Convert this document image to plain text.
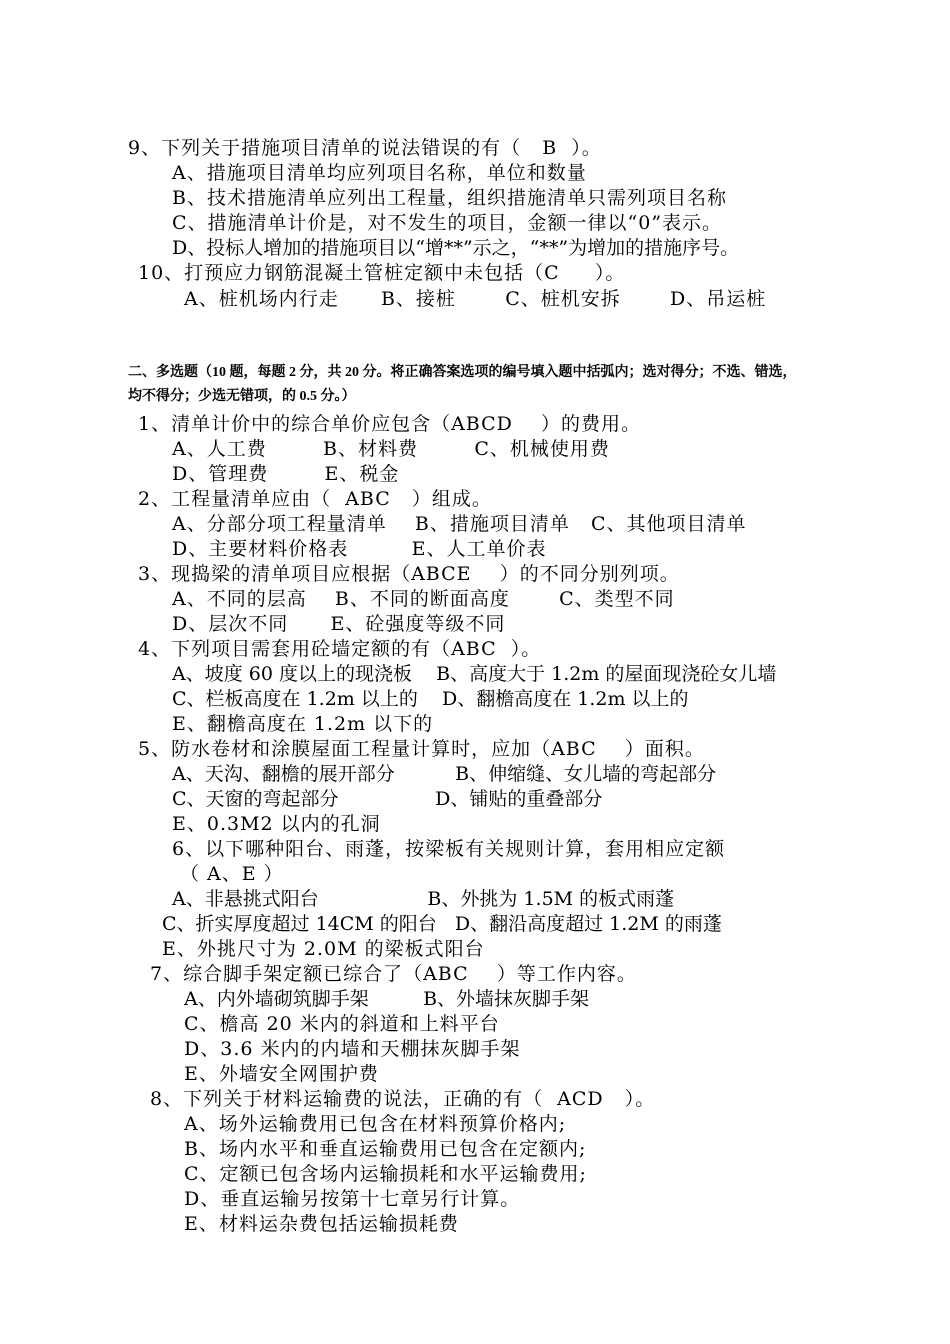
9、下列关于措施项目清单的说法错误的有（   B  ）。
A、措施项目清单均应列项目名称，单位和数量
B、技术措施清单应列出工程量，组织措施清单只需列项目名称
C、措施清单计价是，对不发生的项目，金额一律以“0”表示。
D、投标人增加的措施项目以“增**”示之，“**”为增加的措施序号。
10、打预应力钢筋混凝土管桩定额中未包括（C     ）。
A、桩机场内行走      B、接桩       C、桩机安拆       D、吊运桩
二、多选题（10 题，每题 2 分，共 20 分。将正确答案选项的编号填入题中括弧内；选对得分；不选、错选，
均不得分；少选无错项，的 0.5 分。）
1、清单计价中的综合单价应包含（ABCD    ）的费用。
A、人工费        B、材料费        C、机械使用费
D、管理费        E、税金
2、工程量清单应由（  ABC   ）组成。
A、分部分项工程量清单    B、措施项目清单   C、其他项目清单
D、主要材料价格表         E、人工单价表
3、现捣梁的清单项目应根据（ABCE    ）的不同分别列项。
A、不同的层高    B、不同的断面高度       C、类型不同
D、层次不同      E、砼强度等级不同
4、下列项目需套用砼墙定额的有（ABC  ）。
A、坡度 60 度以上的现浇板    B、高度大于 1.2m 的屋面现浇砼女儿墙
C、栏板高度在 1.2m 以上的    D、翻檐高度在 1.2m 以上的
E、翻檐高度在 1.2m 以下的
5、防水卷材和涂膜屋面工程量计算时，应加（ABC    ）面积。
A、天沟、翻檐的展开部分          B、伸缩缝、女儿墙的弯起部分
C、天窗的弯起部分                D、铺贴的重叠部分
E、0.3M2 以内的孔洞
6、以下哪种阳台、雨蓬，按梁板有关规则计算，套用相应定额
（ A、E ）
A、非悬挑式阳台                  B、外挑为 1.5M 的板式雨蓬
C、折实厚度超过 14CM 的阳台   D、翻沿高度超过 1.2M 的雨蓬
E、外挑尺寸为 2.0M 的梁板式阳台
7、综合脚手架定额已综合了（ABC    ）等工作内容。
A、内外墙砌筑脚手架         B、外墙抹灰脚手架
C、檐高 20 米内的斜道和上料平台
D、3.6 米内的内墙和天棚抹灰脚手架
E、外墙安全网围护费
8、下列关于材料运输费的说法，正确的有（  ACD   ）。
A、场外运输费用已包含在材料预算价格内;
B、场内水平和垂直运输费用已包含在定额内;
C、定额已包含场内运输损耗和水平运输费用;
D、垂直运输另按第十七章另行计算。
E、材料运杂费包括运输损耗费
